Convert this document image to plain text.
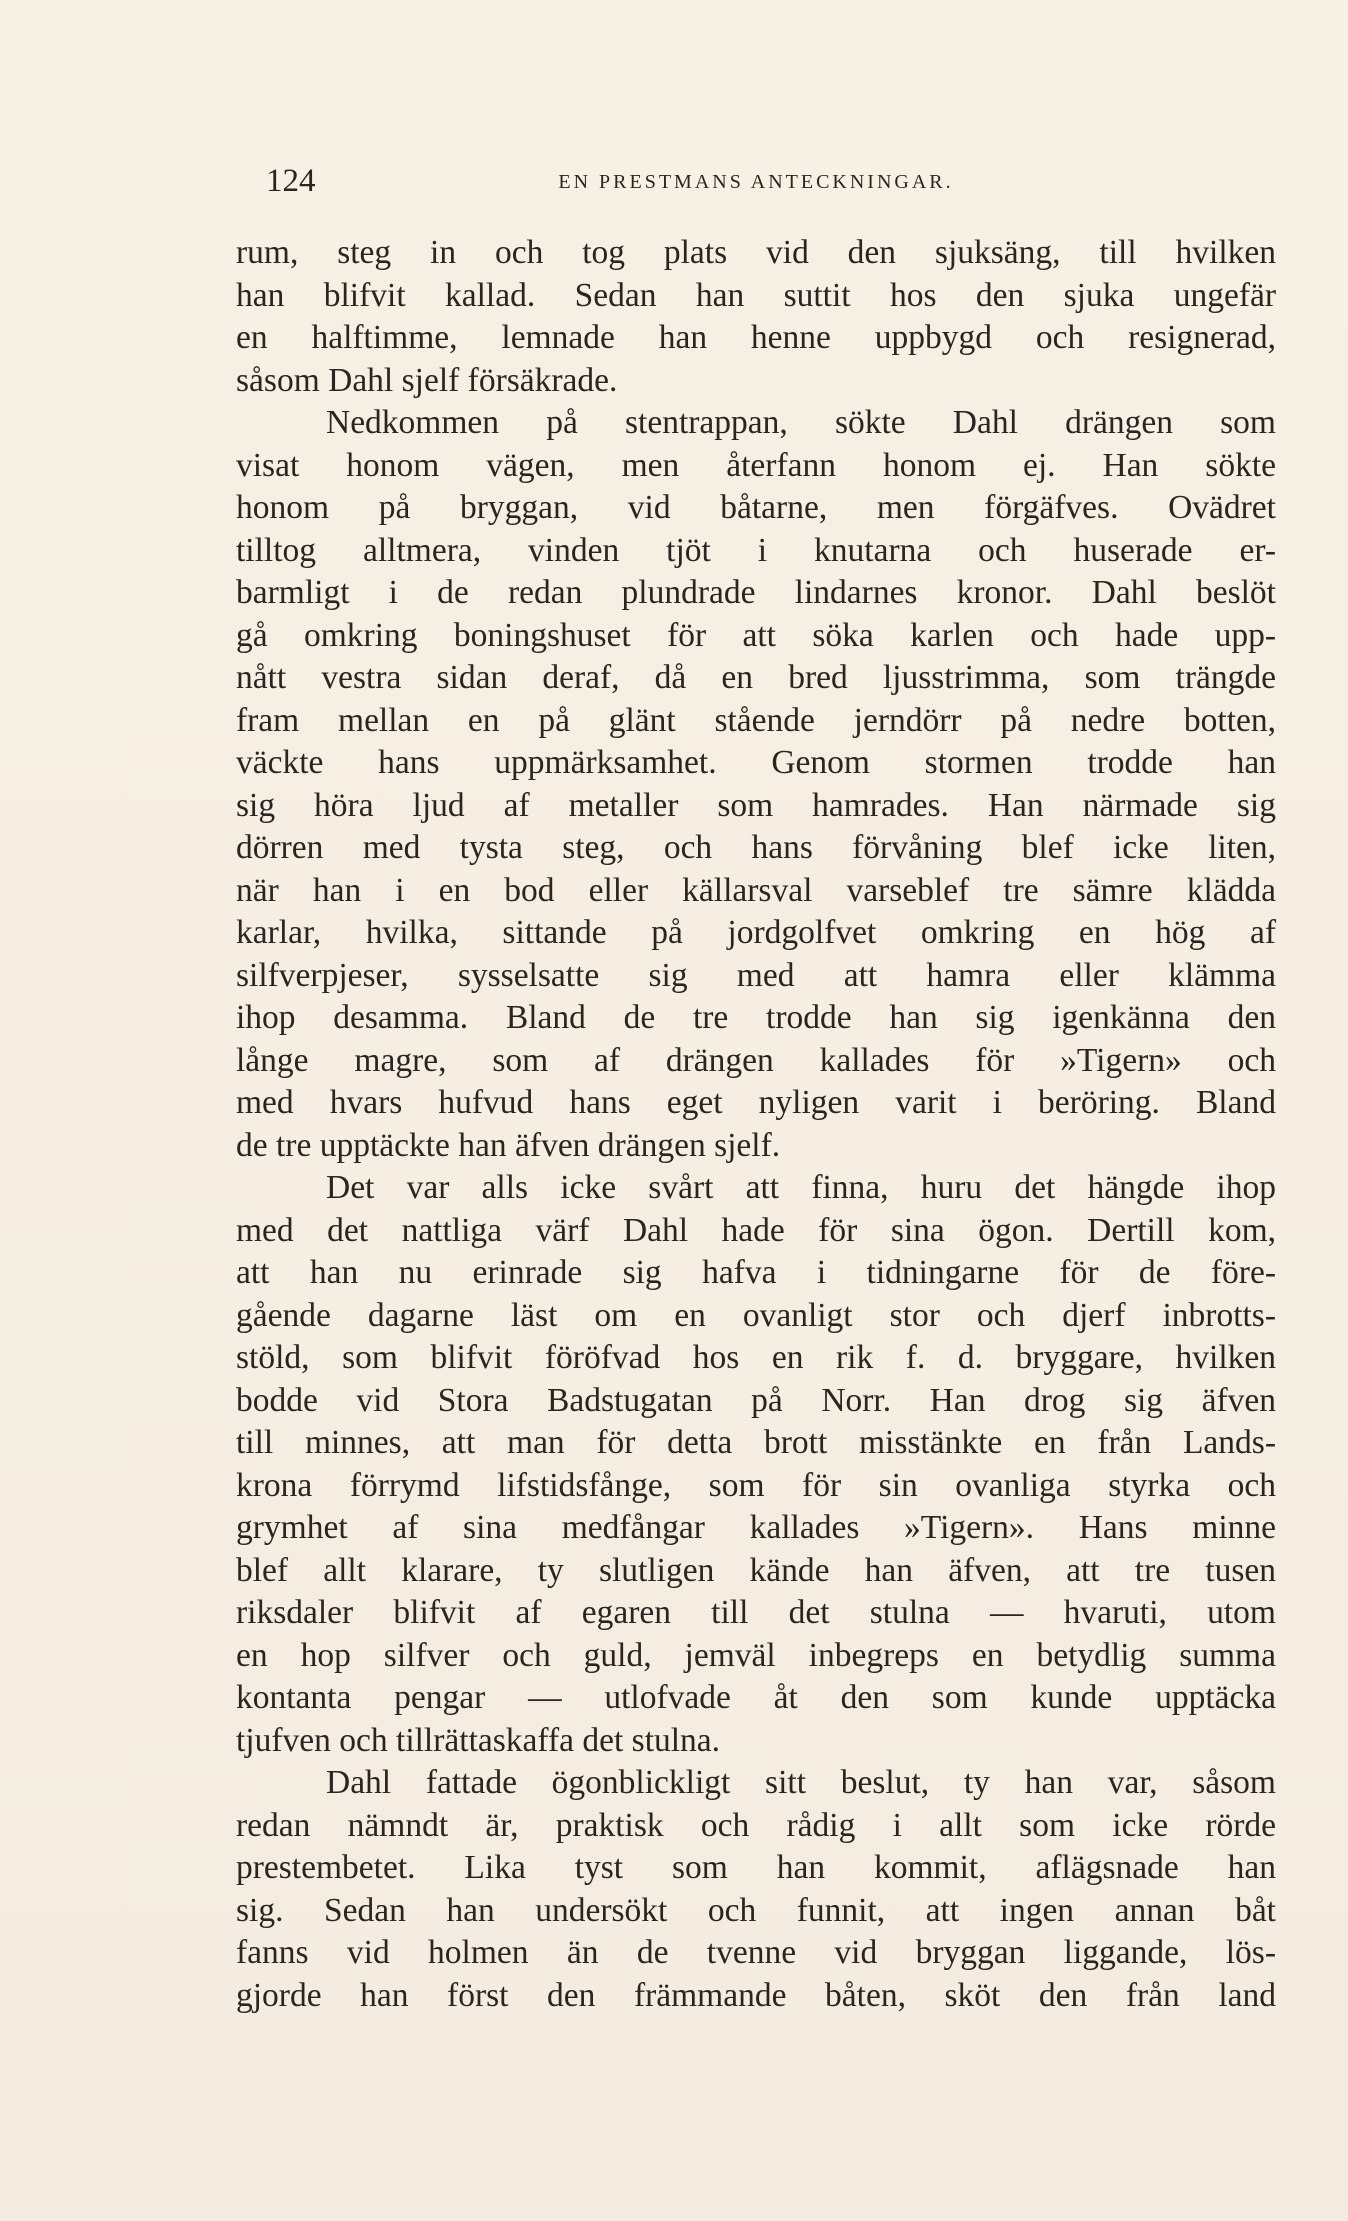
124	EN PRESTMANS ANTECKNINGAR.
rum, steg in och tog plats vid den sjuksäng, till hvilken
han blifvit kallad. Sedan han suttit hos den sjuka ungefär
en halftimme, lemnade han henne uppbygd och resignerad,
såsom Dahl sjelf försäkrade.
Nedkommen på stentrappan, sökte Dahl drängen som
visat honom vägen, men återfann honom ej. Han sökte
honom på bryggan, vid båtarne, men förgäfves. Ovädret
tilltog alltmera, vinden tjöt i knutarna och huserade er-
barmligt i de redan plundrade lindarnes kronor. Dahl beslöt
gå omkring boningshuset för att söka karlen och hade upp-
nått vestra sidan deraf, då en bred ljusstrimma, som trängde
fram mellan en på glänt stående jerndörr på nedre botten,
väckte hans uppmärksamhet. Genom stormen trodde han
sig höra ljud af metaller som hamrades. Han närmade sig
dörren med tysta steg, och hans förvåning blef icke liten,
när han i en bod eller källarsval varseblef tre sämre klädda
karlar, hvilka, sittande på jordgolfvet omkring en hög af
silfverpjeser, sysselsatte sig med att hamra eller klämma
ihop desamma. Bland de tre trodde han sig igenkänna den
långe magre, som af drängen kallades för »Tigern» och
med hvars hufvud hans eget nyligen varit i beröring. Bland
de tre upptäckte han äfven drängen sjelf.
Det var alls icke svårt att finna, huru det hängde ihop
med det nattliga värf Dahl hade för sina ögon. Dertill kom,
att han nu erinrade sig hafva i tidningarne för de före-
gående dagarne läst om en ovanligt stor och djerf inbrotts-
stöld, som blifvit föröfvad hos en rik f. d. bryggare, hvilken
bodde vid Stora Badstugatan på Norr. Han drog sig äfven
till minnes, att man för detta brott misstänkte en från Lands-
krona förrymd lifstidsfånge, som för sin ovanliga styrka och
grymhet af sina medfångar kallades »Tigern». Hans minne
blef allt klarare, ty slutligen kände han äfven, att tre tusen
riksdaler blifvit af egaren till det stulna — hvaruti, utom
en hop silfver och guld, jemväl inbegreps en betydlig summa
kontanta pengar — utlofvade åt den som kunde upptäcka
tjufven och tillrättaskaffa det stulna.
Dahl fattade ögonblickligt sitt beslut, ty han var, såsom
redan nämndt är, praktisk och rådig i allt som icke rörde
prestembetet. Lika tyst som han kommit, aflägsnade han
sig. Sedan han undersökt och funnit, att ingen annan båt
fanns vid holmen än de tvenne vid bryggan liggande, lös-
gjorde han först den främmande båten, sköt den från land
